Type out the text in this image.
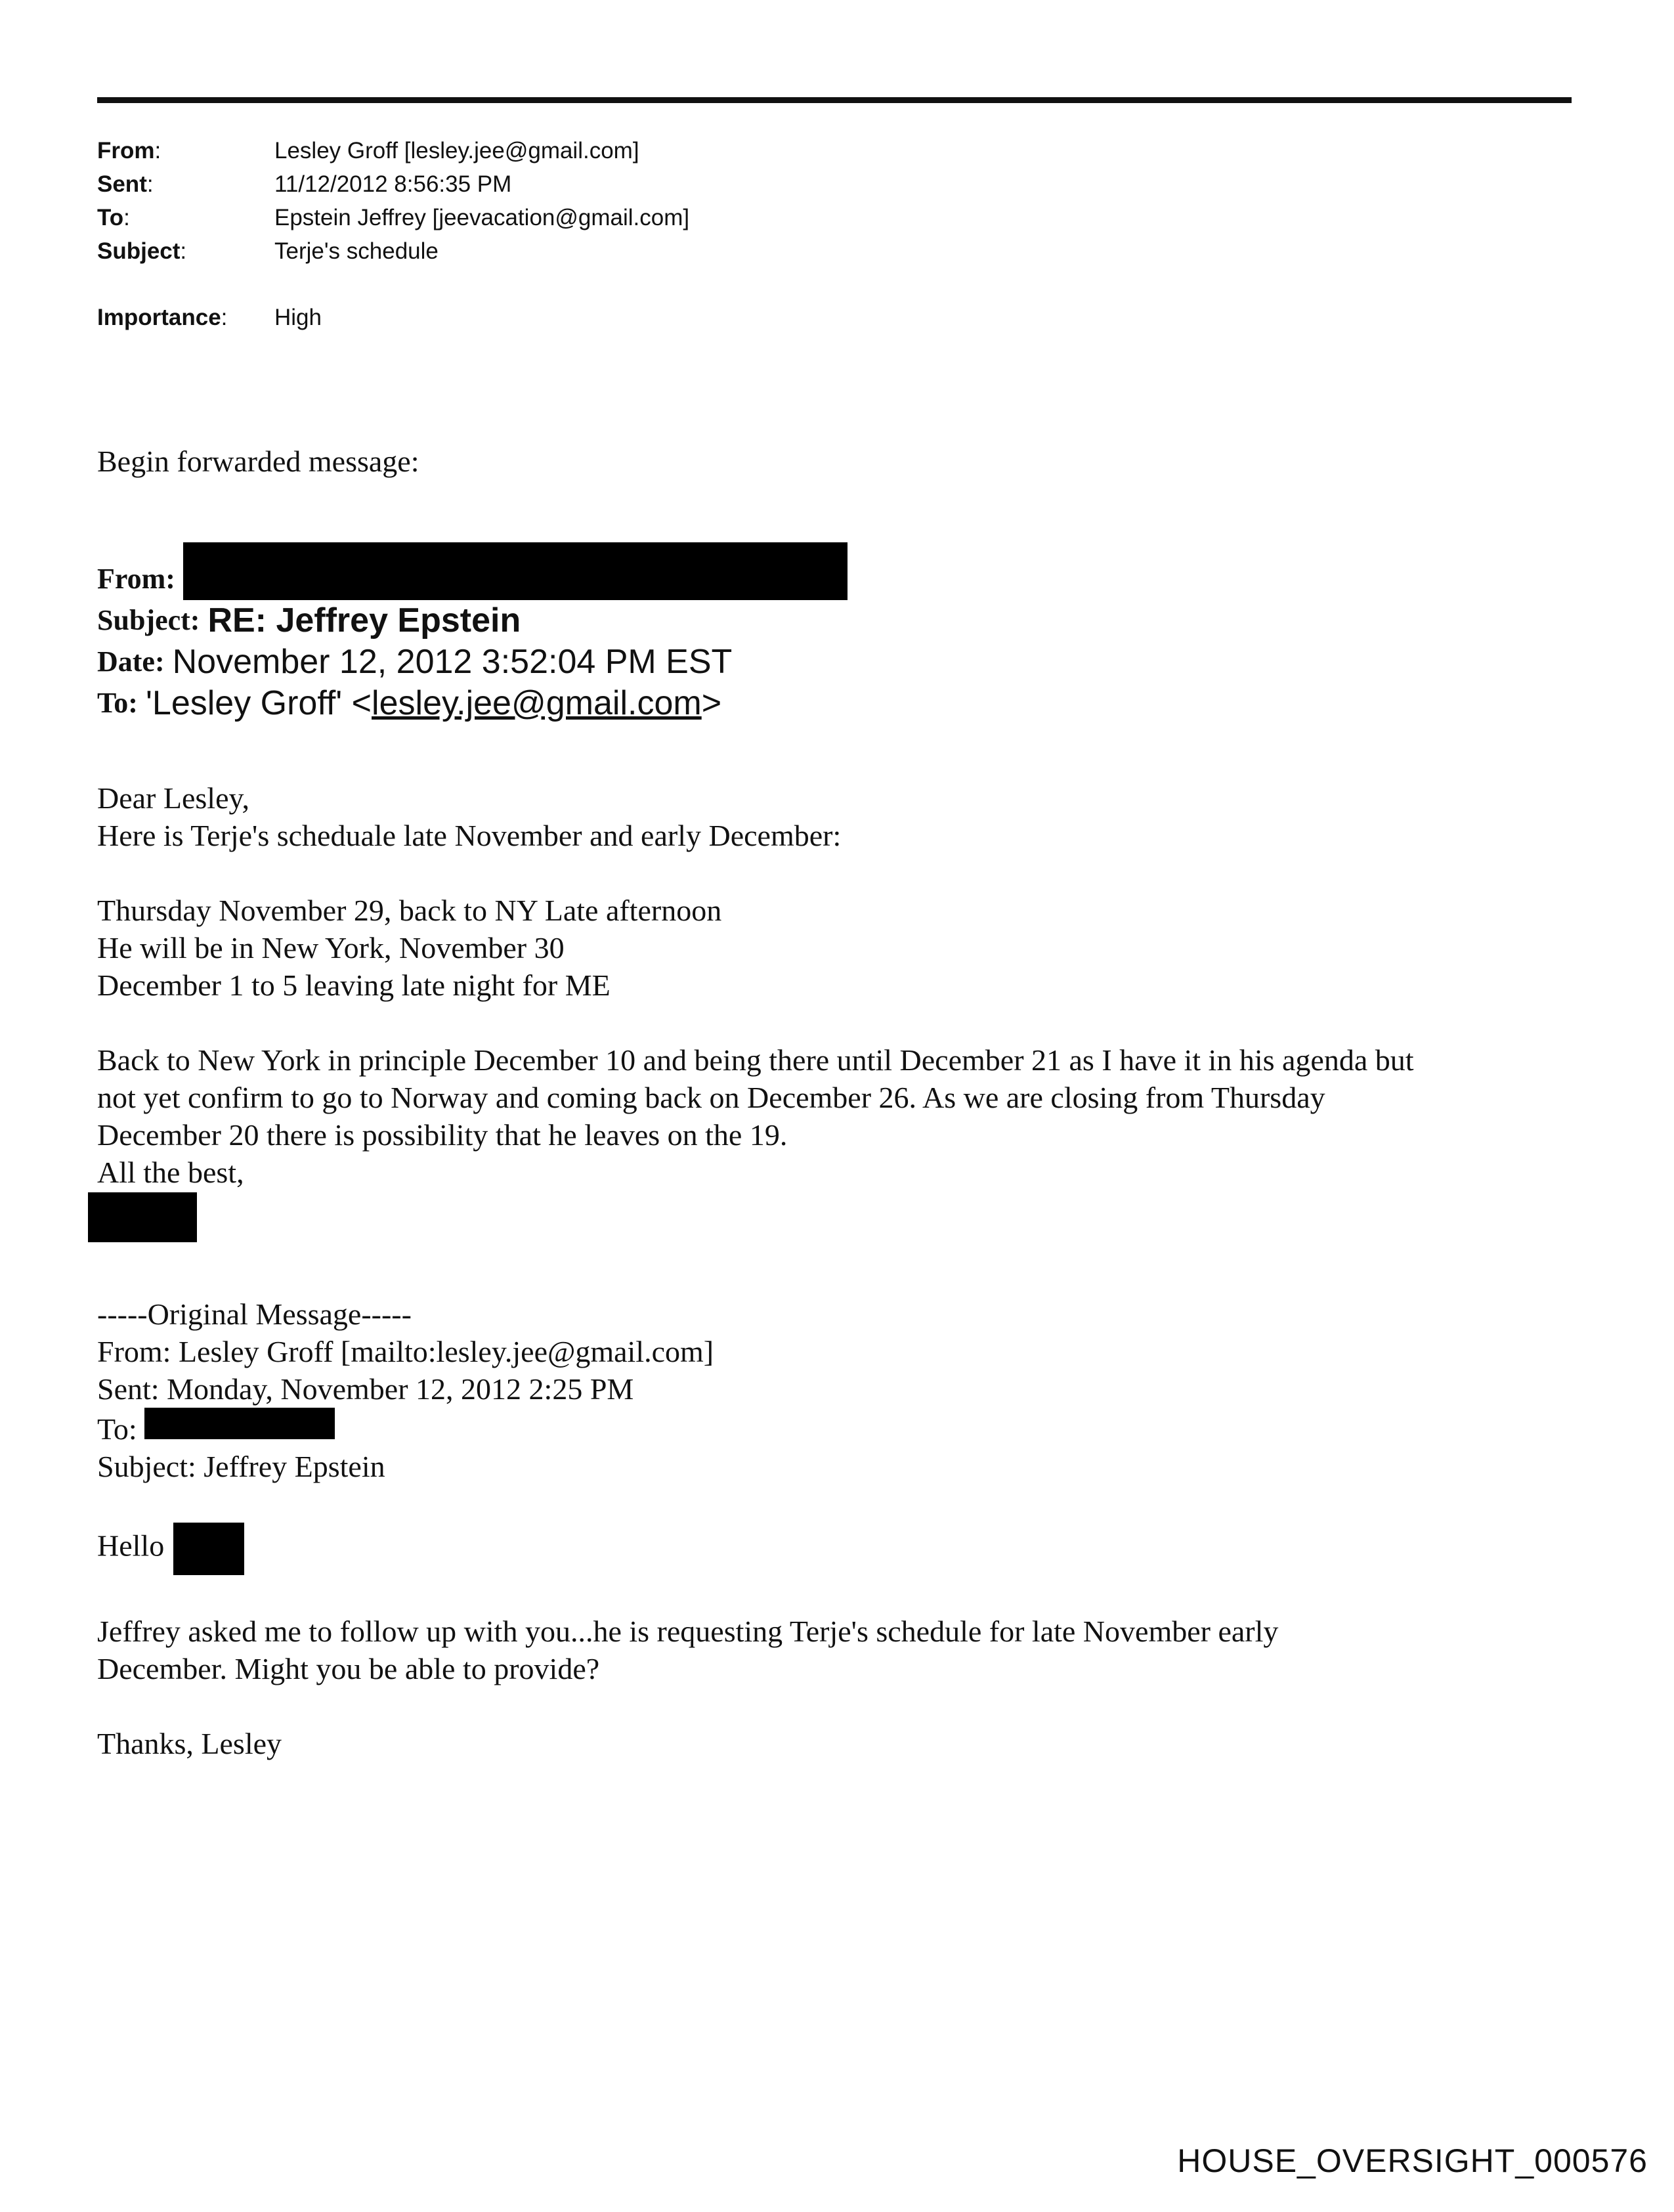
From:	Lesley Groff [lesley.jee@gmail.com]
Sent:	11/12/2012 8:56:35 PM
To:	Epstein Jeffrey [jeevacation@gmail.com]
Subject:	Terje's schedule
Importance:	High
Begin forwarded message:
From:
Subject: RE: Jeffrey Epstein
Date: November 12, 2012 3:52:04 PM EST
To: 'Lesley Groff' <lesley.jee@gmail.com>

Dear Lesley,

Here is Terje's scheduale late November and early December:

Thursday November 29, back to NY Late afternoon

He will be in New York, November 30

December 1 to 5 leaving late night for ME

Back to New York in principle December 10 and being there until December 21 as I have it in his agenda but

not yet confirm to go to Norway and coming back on December 26. As we are closing from Thursday

December 20 there is possibility that he leaves on the 19.

All the best,

-----Original Message-----

From: Lesley Groff [mailto:lesley.jee@gmail.com]

Sent: Monday, November 12, 2012 2:25 PM

To:

Subject: Jeffrey Epstein

Hello

Jeffrey asked me to follow up with you...he is requesting Terje's schedule for late November early

December. Might you be able to provide?

Thanks, Lesley

HOUSE_OVERSIGHT_000576
